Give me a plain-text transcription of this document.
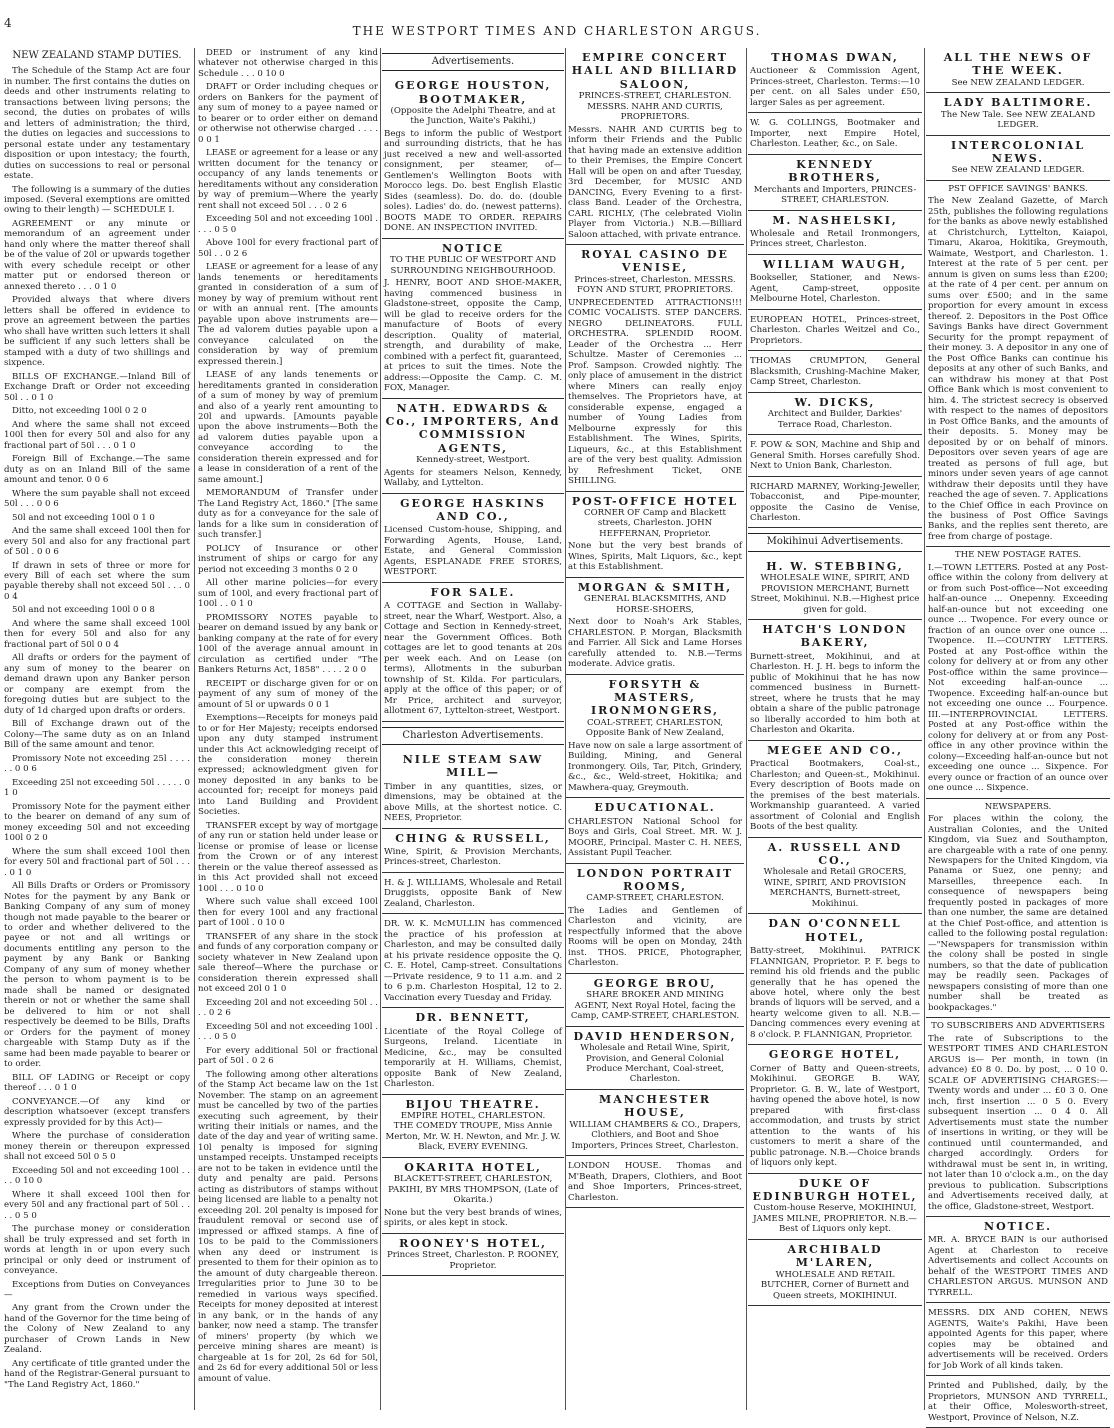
4
THE WESTPORT TIMES AND CHARLESTON ARGUS.
NEW ZEALAND STAMP DUTIES.

The Schedule of the Stamp Act are four in number. The first contains the duties on deeds and other instruments relating to transactions between living persons; the second, the duties on probates of wills and letters of administration; the third, the duties on legacies and successions to personal estate under any testamentary disposition or upon intestacy; the fourth, duties on successions to real or personal estate.

The following is a summary of the duties imposed. (Several exemptions are omitted owing to their length) — SCHEDULE I.

AGREEMENT or any minute or memorandum of an agreement under hand only where the matter thereof shall be of the value of 20l or upwards together with every schedule receipt or other matter put or endorsed thereon or annexed thereto . . . 0 1 0

Provided always that where divers letters shall be offered in evidence to prove an agreement between the parties who shall have written such letters it shall be sufficient if any such letters shall be stamped with a duty of two shillings and sixpence.

BILLS OF EXCHANGE.—Inland Bill of Exchange Draft or Order not exceeding 50l . . 0 1 0

Ditto, not exceeding 100l 0 2 0

And where the same shall not exceed 100l then for every 50l and also for any fractional part of 50l . . . 0 1 0

Foreign Bill of Exchange.—The same duty as on an Inland Bill of the same amount and tenor. 0 0 6

Where the sum payable shall not exceed 50l . . . 0 0 6

50l and not exceeding 100l 0 1 0

And the same shall exceed 100l then for every 50l and also for any fractional part of 50l . 0 0 6

If drawn in sets of three or more for every Bill of each set where the sum payable thereby shall not exceed 50l . . . 0 0 4

50l and not exceeding 100l 0 0 8

And where the same shall exceed 100l then for every 50l and also for any fractional part of 50l 0 0 4

All drafts or orders for the payment of any sum of money to the bearer on demand drawn upon any Banker person or company are exempt from the foregoing duties but are subject to the duty of 1d charged upon drafts or orders.

Bill of Exchange drawn out of the Colony—The same duty as on an Inland Bill of the same amount and tenor.

Promissory Note not exceeding 25l . . . . . . 0 0 6

Exceeding 25l not exceeding 50l . . . . . 0 1 0

Promissory Note for the payment either to the bearer on demand of any sum of money exceeding 50l and not exceeding 100l 0 2 0

Where the sum shall exceed 100l then for every 50l and fractional part of 50l . . . . 0 1 0

All Bills Drafts or Orders or Promissory Notes for the payment by any Bank or Banking Company of any sum of money though not made payable to the bearer or to order and whether delivered to the payee or not and all writings or documents entitling any person to the payment by any Bank or Banking Company of any sum of money whether the person to whom payment is to be made shall be named or designated therein or not or whether the same shall be delivered to him or not shall respectively be deemed to be Bills, Drafts or Orders for the payment of money chargeable with Stamp Duty as if the same had been made payable to bearer or to order.

BILL OF LADING or Receipt or copy thereof . . . 0 1 0

CONVEYANCE.—Of any kind or description whatsoever (except transfers expressly provided for by this Act)—

Where the purchase of consideration money therein or thereupon expressed shall not exceed 50l 0 5 0

Exceeding 50l and not exceeding 100l . . . . 0 10 0

Where it shall exceed 100l then for every 50l and any fractional part of 50l . . . . 0 5 0

The purchase money or consideration shall be truly expressed and set forth in words at length in or upon every such principal or only deed or instrument of conveyance.

Exceptions from Duties on Conveyances—

Any grant from the Crown under the hand of the Governor for the time being of the Colony of New Zealand to any purchaser of Crown Lands in New Zealand.

Any certificate of title granted under the hand of the Registrar-General pursuant to "The Land Registry Act, 1860."

DEED or instrument of any kind whatever not otherwise charged in this Schedule . . . 0 10 0

DRAFT or Order including cheques or orders on Bankers for the payment of any sum of money to a payee named or to bearer or to order either on demand or otherwise not otherwise charged . . . . 0 0 1

LEASE or agreement for a lease or any written document for the tenancy or occupancy of any lands tenements or hereditaments without any consideration by way of premium—Where the yearly rent shall not exceed 50l . . . 0 2 6

Exceeding 50l and not exceeding 100l . . . . 0 5 0

Above 100l for every fractional part of 50l . . 0 2 6

LEASE or agreement for a lease of any lands tenements or hereditaments granted in consideration of a sum of money by way of premium without rent or with an annual rent. [The amounts payable upon above instruments are—The ad valorem duties payable upon a conveyance calculated on the consideration by way of premium expressed therein.]

LEASE of any lands tenements or hereditaments granted in consideration of a sum of money by way of premium and also of a yearly rent amounting to 20l and upwards. [Amounts payable upon the above instruments—Both the ad valorem duties payable upon a conveyance according to the consideration therein expressed and for a lease in consideration of a rent of the same amount.]

MEMORANDUM of Transfer under The Land Registry Act, 1860." [The same duty as for a conveyance for the sale of lands for a like sum in consideration of such transfer.]

POLICY of Insurance or other instrument of ships or cargo for any period not exceeding 3 months 0 2 0

All other marine policies—for every sum of 100l, and every fractional part of 100l . . 0 1 0

PROMISSORY NOTES payable to bearer on demand issued by any bank or banking company at the rate of for every 100l of the average annual amount in circulation as certified under "The Bankers Returns Act, 1858" . . . . 2 0 0

RECEIPT or discharge given for or on payment of any sum of money of the amount of 5l or upwards 0 0 1

Exemptions—Receipts for moneys paid to or for Her Majesty; receipts endorsed upon any duty stamped instrument under this Act acknowledging receipt of the consideration money therein expressed; acknowledgment given for money deposited in any banks to be accounted for; receipt for moneys paid into Land Building and Provident Societies.

TRANSFER except by way of mortgage of any run or station held under lease or license or promise of lease or license from the Crown or of any interest therein or the value thereof assessed as in this Act provided shall not exceed 100l . . . 0 10 0

Where such value shall exceed 100l then for every 100l and any fractional part of 100l . 0 10 0

TRANSFER of any share in the stock and funds of any corporation company or society whatever in New Zealand upon sale thereof—Where the purchase or consideration therein expressed shall not exceed 20l 0 1 0

Exceeding 20l and not exceeding 50l . . . . 0 2 6

Exceeding 50l and not exceeding 100l . . . . 0 5 0

For every additional 50l or fractional part of 50l . 0 2 6

The following among other alterations of the Stamp Act became law on the 1st November. The stamp on an agreement must be cancelled by two of the parties executing such agreement, by their writing their initials or names, and the date of the day and year of writing same. 10l penalty is imposed for signing unstamped receipts. Unstamped receipts are not to be taken in evidence until the duty and penalty are paid. Persons acting as distributors of stamps without being licensed are liable to a penalty not exceeding 20l. 20l penalty is imposed for fraudulent removal or second use of impressed or affixed stamps. A fine of 10s to be paid to the Commissioners when any deed or instrument is presented to them for their opinion as to the amount of duty chargeable thereon. Irregularities prior to June 30 to be remedied in various ways specified. Receipts for money deposited at interest in any bank, or in the hands of any banker, now need a stamp. The transfer of miners' property (by which we perceive mining shares are meant) is chargeable at 1s for 20l, 2s 6d for 50l, and 2s 6d for every additional 50l or less amount of value.

Advertisements.
GEORGE HOUSTON, BOOTMAKER,
(Opposite the Adelphi Theatre, and at the Junction, Waite's Pakihi,)
Begs to inform the public of Westport and surrounding districts, that he has just received a new and well-assorted consignment, per steamer, of— Gentlemen's Wellington Boots with Morocco legs. Do. best English Elastic Sides (seamless). Do. do. do. (double soles). Ladies' do. do. (newest patterns). BOOTS MADE TO ORDER. REPAIRS DONE. AN INSPECTION INVITED.
NOTICE
TO THE PUBLIC OF WESTPORT AND SURROUNDING NEIGHBOURHOOD.
J. HENRY, BOOT AND SHOE-MAKER, having commenced business in Gladstone-street, opposite the Camp, will be glad to receive orders for the manufacture of Boots of every description. Quality of material, strength, and durability of make, combined with a perfect fit, guaranteed, at prices to suit the times. Note the address:—Opposite the Camp. C. M. FOX, Manager.
NATH. EDWARDS & Co., IMPORTERS, And COMMISSION AGENTS,
Kennedy-street, Westport.
Agents for steamers Nelson, Kennedy, Wallaby, and Lyttelton.
GEORGE HASKINS AND CO.,
Licensed Custom-house, Shipping, and Forwarding Agents, House, Land, Estate, and General Commission Agents, ESPLANADE FREE STORES, WESTPORT.
FOR SALE.
A COTTAGE and Section in Wallaby-street, near the Wharf, Westport. Also, a Cottage and Section in Kennedy-street, near the Government Offices. Both cottages are let to good tenants at 20s per week each. And on Lease (on terms), Allotments in the suburban township of St. Kilda. For particulars, apply at the office of this paper; or of Mr Price, architect and surveyor, allotment 67, Lyttelton-street, Westport.
Charleston Advertisements.
NILE STEAM SAW MILL—
Timber in any quantities, sizes, or dimensions, may be obtained at the above Mills, at the shortest notice. C. NEES, Proprietor.
CHING & RUSSELL,
Wine, Spirit, & Provision Merchants, Princes-street, Charleston.
H. & J. WILLIAMS, Wholesale and Retail Druggists, opposite Bank of New Zealand, Charleston.
DR. W. K. McMULLIN has commenced the practice of his profession at Charleston, and may be consulted daily at his private residence opposite the Q. C. E. Hotel, Camp-street. Consultations—Private residence, 9 to 11 a.m. and 2 to 6 p.m. Charleston Hospital, 12 to 2. Vaccination every Tuesday and Friday.
DR. BENNETT,
Licentiate of the Royal College of Surgeons, Ireland. Licentiate in Medicine, &c., may be consulted temporarily at H. Williams, Chemist, opposite Bank of New Zealand, Charleston.
BIJOU THEATRE.
EMPIRE HOTEL, CHARLESTON.
THE COMEDY TROUPE, Miss Annie Merton, Mr. W. H. Newton, and Mr. J. W. Black, EVERY EVENING.
OKARITA HOTEL,
BLACKETT-STREET, CHARLESTON, PAKIHI, BY MRS THOMPSON, (Late of Okarita.)
None but the very best brands of wines, spirits, or ales kept in stock.
ROONEY'S HOTEL,
Princes Street, Charleston. P. ROONEY, Proprietor.
EMPIRE CONCERT HALL AND BILLIARD SALOON,
PRINCES-STREET, CHARLESTON. MESSRS. NAHR AND CURTIS, PROPRIETORS.
Messrs. NAHR AND CURTIS beg to inform their Friends and the Public that having made an extensive addition to their Premises, the Empire Concert Hall will be open on and after Tuesday, 3rd December, for MUSIC AND DANCING, Every Evening to a first-class Band. Leader of the Orchestra, CARL RICHLY, (The celebrated Violin Player from Victoria.) N.B.—Billiard Saloon attached, with private entrance.
ROYAL CASINO DE VENISE,
Princes-street, Charleston. MESSRS. FOYN AND STURT, PROPRIETORS.
UNPRECEDENTED ATTRACTIONS!!! COMIC VOCALISTS. STEP DANCERS. NEGRO DELINEATORS. FULL ORCHESTRA. SPLENDID ROOM. Leader of the Orchestra ... Herr Schultze. Master of Ceremonies ... Prof. Sampson. Crowded nightly. The only place of amusement in the district where Miners can really enjoy themselves. The Proprietors have, at considerable expense, engaged a number of Young Ladies from Melbourne expressly for this Establishment. The Wines, Spirits, Liqueurs, &c., at this Establishment are of the very best quality. Admission by Refreshment Ticket, ONE SHILLING.
POST-OFFICE HOTEL
CORNER OF Camp and Blackett streets, Charleston. JOHN HEFFERNAN, Proprietor.
None but the very best brands of Wines, Spirits, Malt Liquors, &c., kept at this Establishment.
MORGAN & SMITH,
GENERAL BLACKSMITHS, AND HORSE-SHOERS,
Next door to Noah's Ark Stables, CHARLESTON. P. Morgan, Blacksmith and Farrier. All Sick and Lame Horses carefully attended to. N.B.—Terms moderate. Advice gratis.
FORSYTH & MASTERS, IRONMONGERS,
COAL-STREET, CHARLESTON, Opposite Bank of New Zealand,
Have now on sale a large assortment of Building, Mining, and General Ironmongery. Oils, Tar, Pitch, Grindery, &c., &c., Weld-street, Hokitika; and Mawhera-quay, Greymouth.
EDUCATIONAL.
CHARLESTON National School for Boys and Girls, Coal Street. MR. W. J. MOORE, Principal. Master C. H. NEES, Assistant Pupil Teacher.
LONDON PORTRAIT ROOMS,
CAMP-STREET, CHARLESTON.
The Ladies and Gentlemen of Charleston and vicinity, are respectfully informed that the above Rooms will be open on Monday, 24th inst. THOS. PRICE, Photographer, Charleston.
GEORGE BROU,
SHARE BROKER AND MINING AGENT, Next Royal Hotel, facing the Camp, CAMP-STREET, CHARLESTON.
DAVID HENDERSON,
Wholesale and Retail Wine, Spirit, Provision, and General Colonial Produce Merchant, Coal-street, Charleston.
MANCHESTER HOUSE,
WILLIAM CHAMBERS & CO., Drapers, Clothiers, and Boot and Shoe Importers, Princes Street, Charleston.
LONDON HOUSE. Thomas and M'Beath, Drapers, Clothiers, and Boot and Shoe Importers, Princes-street, Charleston.
THOMAS DWAN,
Auctioneer & Commission Agent, Princes-street, Charleston. Terms:—10 per cent. on all Sales under £50, larger Sales as per agreement.
W. G. COLLINGS, Bootmaker and Importer, next Empire Hotel, Charleston. Leather, &c., on Sale.
KENNEDY BROTHERS,
Merchants and Importers, PRINCES-STREET, CHARLESTON.
M. NASHELSKI,
Wholesale and Retail Ironmongers, Princes street, Charleston.
WILLIAM WAUGH,
Bookseller, Stationer, and News-Agent, Camp-street, opposite Melbourne Hotel, Charleston.
EUROPEAN HOTEL, Princes-street, Charleston. Charles Weitzel and Co., Proprietors.
THOMAS CRUMPTON, General Blacksmith, Crushing-Machine Maker, Camp Street, Charleston.
W. DICKS,
Architect and Builder, Darkies' Terrace Road, Charleston.
F. POW & SON, Machine and Ship and General Smith. Horses carefully Shod. Next to Union Bank, Charleston.
RICHARD MARNEY, Working-Jeweller, Tobacconist, and Pipe-mounter, opposite the Casino de Venise, Charleston.
Mokihinui Advertisements.
H. W. STEBBING,
WHOLESALE WINE, SPIRIT, AND PROVISION MERCHANT, Burnett Street, Mokihinui. N.B.—Highest price given for gold.
HATCH'S LONDON BAKERY,
Burnett-street, Mokihinui, and at Charleston. H. J. H. begs to inform the public of Mokihinui that he has now commenced business in Burnett-street, where he trusts that he may obtain a share of the public patronage so liberally accorded to him both at Charleston and Okarita.
MEGEE AND CO.,
Practical Bootmakers, Coal-st., Charleston; and Queen-st., Mokihinui. Every description of Boots made on the premises of the best materials. Workmanship guaranteed. A varied assortment of Colonial and English Boots of the best quality.
A. RUSSELL AND CO.,
Wholesale and Retail GROCERS, WINE, SPIRIT, AND PROVISION MERCHANTS, Burnett-street, Mokihinui.
DAN O'CONNELL HOTEL,
Batty-street, Mokihinui. PATRICK FLANNIGAN, Proprietor. P. F. begs to remind his old friends and the public generally that he has opened the above hotel, where only the best brands of liquors will be served, and a hearty welcome given to all. N.B.—Dancing commences every evening at 8 o'clock. P. FLANNIGAN, Proprietor.
GEORGE HOTEL,
Corner of Batty and Queen-streets, Mokihinui. GEORGE B. WAY, Proprietor. G. B. W., late of Westport, having opened the above hotel, is now prepared with first-class accommodation, and trusts by strict attention to the wants of his customers to merit a share of the public patronage. N.B.—Choice brands of liquors only kept.
DUKE OF EDINBURGH HOTEL,
Custom-house Reserve, MOKIHINUI, JAMES MILNE, PROPRIETOR. N.B.—Best of Liquors only kept.
ARCHIBALD M'LAREN,
WHOLESALE AND RETAIL BUTCHER, Corner of Burnett and Queen streets, MOKIHINUI.
ALL THE NEWS OF THE WEEK.
See NEW ZEALAND LEDGER.
LADY BALTIMORE.
The New Tale. See NEW ZEALAND LEDGER.
INTERCOLONIAL NEWS.
See NEW ZEALAND LEDGER.
PST OFFICE SAVINGS' BANKS.
The New Zealand Gazette, of March 25th, publishes the following regulations for the banks as above newly established at Christchurch, Lyttelton, Kaiapoi, Timaru, Akaroa, Hokitika, Greymouth, Waimate, Westport, and Charleston. 1. Interest at the rate of 5 per cent. per annum is given on sums less than £200; at the rate of 4 per cent. per annum on sums over £500; and in the same proportion for every amount in excess thereof. 2. Depositors in the Post Office Savings Banks have direct Government Security for the prompt repayment of their money. 3. A depositor in any one of the Post Office Banks can continue his deposits at any other of such Banks, and can withdraw his money at that Post Office Bank which is most convenient to him. 4. The strictest secrecy is observed with respect to the names of depositors in Post Office Banks, and the amounts of their deposits. 5. Money may be deposited by or on behalf of minors. Depositors over seven years of age are treated as persons of full age, but minors under seven years of age cannot withdraw their deposits until they have reached the age of seven. 7. Applications to the Chief Office in each Province on the business of Post Office Savings Banks, and the replies sent thereto, are free from charge of postage.
THE NEW POSTAGE RATES.
I.—TOWN LETTERS. Posted at any Post-office within the colony from delivery at or from such Post-office—Not exceeding half-an-ounce ... Onepenny. Exceeding half-an-ounce but not exceeding one ounce ... Twopence. For every ounce or fraction of an ounce over one ounce ... Twopence. II.—COUNTRY LETTERS. Posted at any Post-office within the colony for delivery at or from any other Post-office within the same province—Not exceeding half-an-ounce ... Twopence. Exceeding half-an-ounce but not exceeding one ounce ... Fourpence. III.—INTERPROVINCIAL LETTERS. Posted at any Post-office within the colony for delivery at or from any Post-office in any other province within the colony—Exceeding half-an-ounce but not exceeding one ounce ... Sixpence. For every ounce or fraction of an ounce over one ounce ... Sixpence.
NEWSPAPERS.
For places within the colony, the Australian Colonies, and the United Kingdom, via Suez and Southampton, are chargeable with a rate of one penny. Newspapers for the United Kingdom, via Panama or Suez, one penny; and Marseilles, threepence each. In consequence of newspapers being frequently posted in packages of more than one number, the same are detained at the Chief Post-office, and attention is called to the following postal regulation:—"Newspapers for transmission within the colony shall be posted in single numbers, so that the date of publication may be readily seen. Packages of newspapers consisting of more than one number shall be treated as bookpackages."
TO SUBSCRIBERS AND ADVERTISERS
The rate of Subscriptions to the WESTPORT TIMES AND CHARLESTON ARGUS is— Per month, in town (in advance) £0 8 0. Do. by post, ... 0 10 0. SCALE OF ADVERTISING CHARGES:— Twenty words and under ... £0 3 0. One inch, first insertion ... 0 5 0. Every subsequent insertion ... 0 4 0. All Advertisements must state the number of insertions in writing, or they will be continued until countermanded, and charged accordingly. Orders for withdrawal must be sent in, in writing, not later than 10 o'clock a.m., on the day previous to publication. Subscriptions and Advertisements received daily, at the office, Gladstone-street, Westport.
NOTICE.
MR. A. BRYCE BAIN is our authorised Agent at Charleston to receive Advertisements and collect Accounts on behalf of the WESTPORT TIMES AND CHARLESTON ARGUS. MUNSON AND TYRRELL.
MESSRS. DIX AND COHEN, NEWS AGENTS, Waite's Pakihi, Have been appointed Agents for this paper, where copies may be obtained and advertisements will be received. Orders for Job Work of all kinds taken.
Printed and Published, daily, by the Proprietors, MUNSON AND TYRRELL, at their Office, Molesworth-street, Westport, Province of Nelson, N.Z.
